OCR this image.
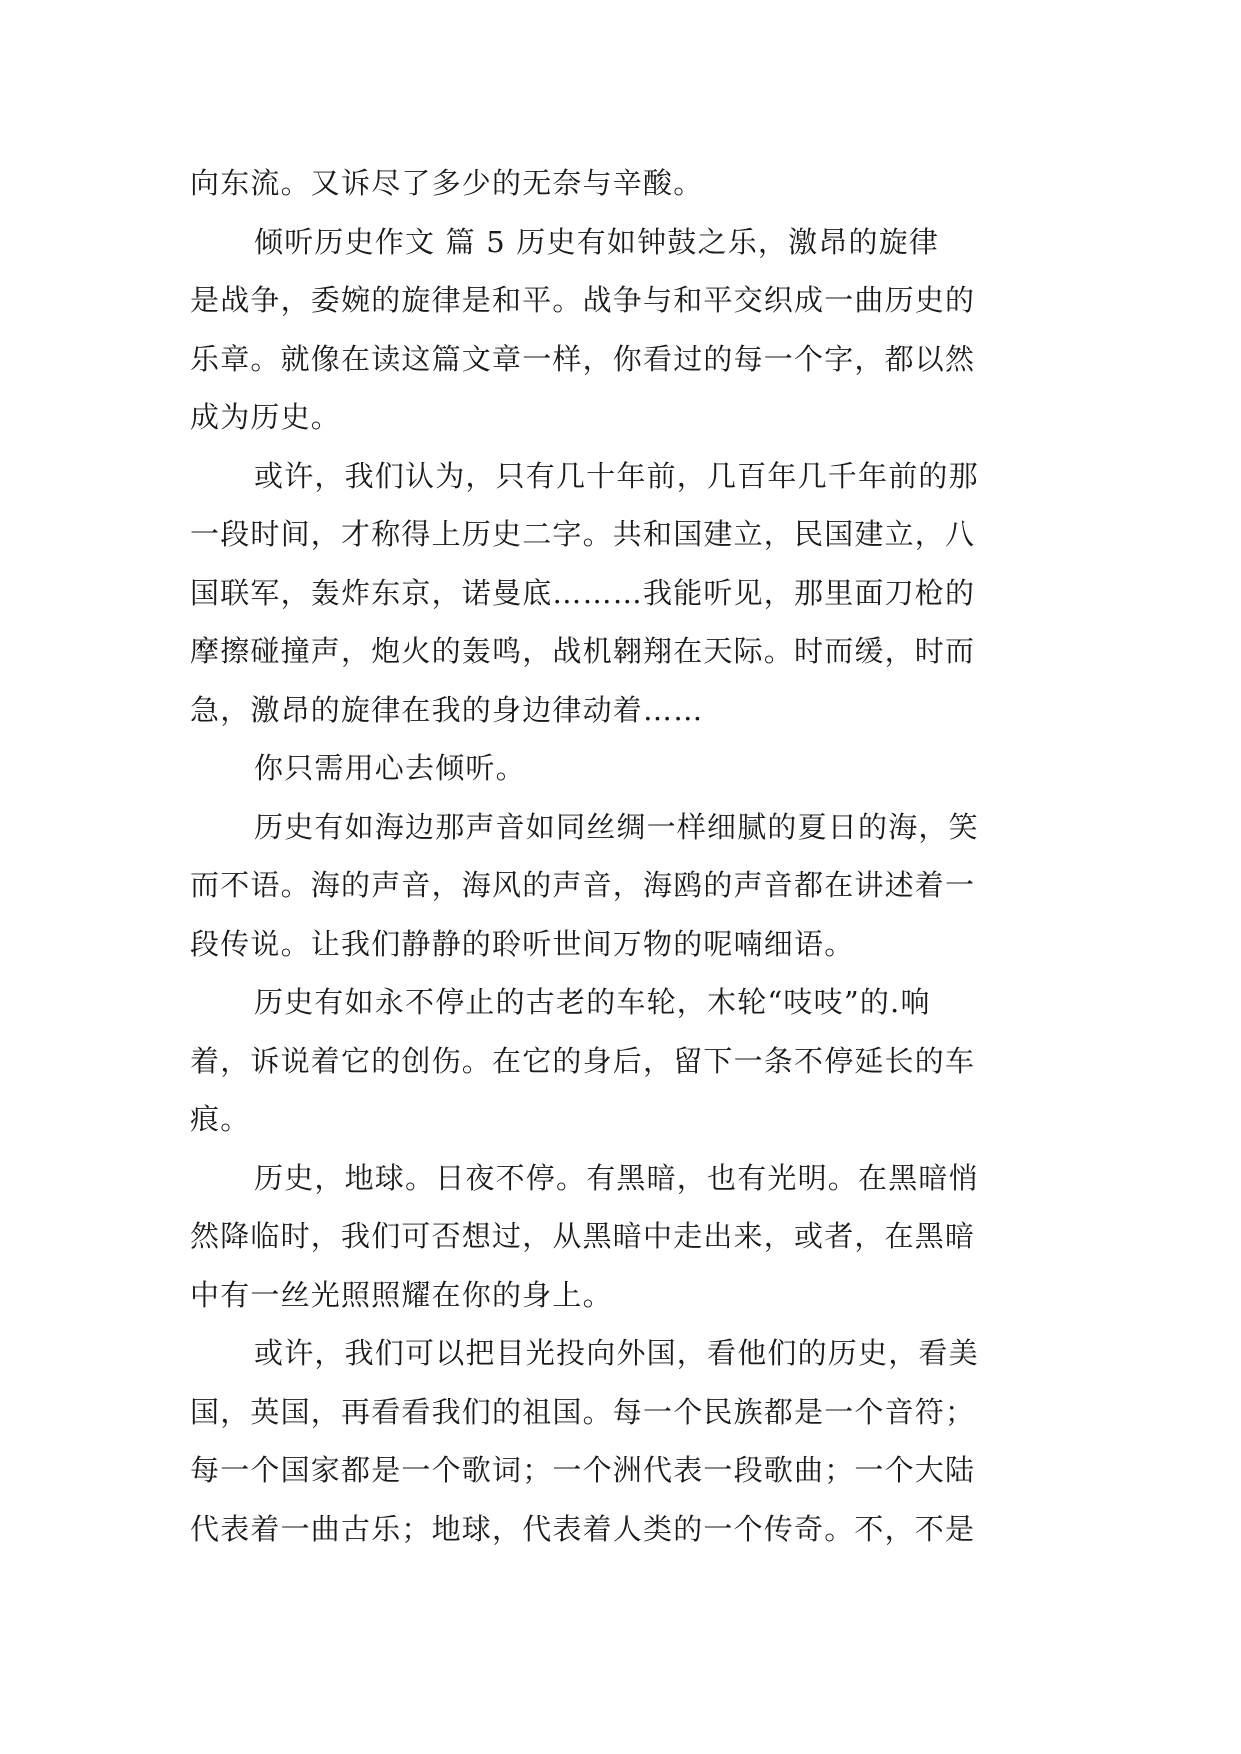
向东流。又诉尽了多少的无奈与辛酸。
倾听历史作文 篇 5 历史有如钟鼓之乐，激昂的旋律
是战争，委婉的旋律是和平。战争与和平交织成一曲历史的
乐章。就像在读这篇文章一样，你看过的每一个字，都以然
成为历史。
或许，我们认为，只有几十年前，几百年几千年前的那
一段时间，才称得上历史二字。共和国建立，民国建立，八
国联军，轰炸东京，诺曼底………我能听见，那里面刀枪的
摩擦碰撞声，炮火的轰鸣，战机翱翔在天际。时而缓，时而
急，激昂的旋律在我的身边律动着……
你只需用心去倾听。
历史有如海边那声音如同丝绸一样细腻的夏日的海，笑
而不语。海的声音，海风的声音，海鸥的声音都在讲述着一
段传说。让我们静静的聆听世间万物的呢喃细语。
历史有如永不停止的古老的车轮，木轮“吱吱”的.响
着，诉说着它的创伤。在它的身后，留下一条不停延长的车
痕。
历史，地球。日夜不停。有黑暗，也有光明。在黑暗悄
然降临时，我们可否想过，从黑暗中走出来，或者，在黑暗
中有一丝光照照耀在你的身上。
或许，我们可以把目光投向外国，看他们的历史，看美
国，英国，再看看我们的祖国。每一个民族都是一个音符；
每一个国家都是一个歌词；一个洲代表一段歌曲；一个大陆
代表着一曲古乐；地球，代表着人类的一个传奇。不，不是
